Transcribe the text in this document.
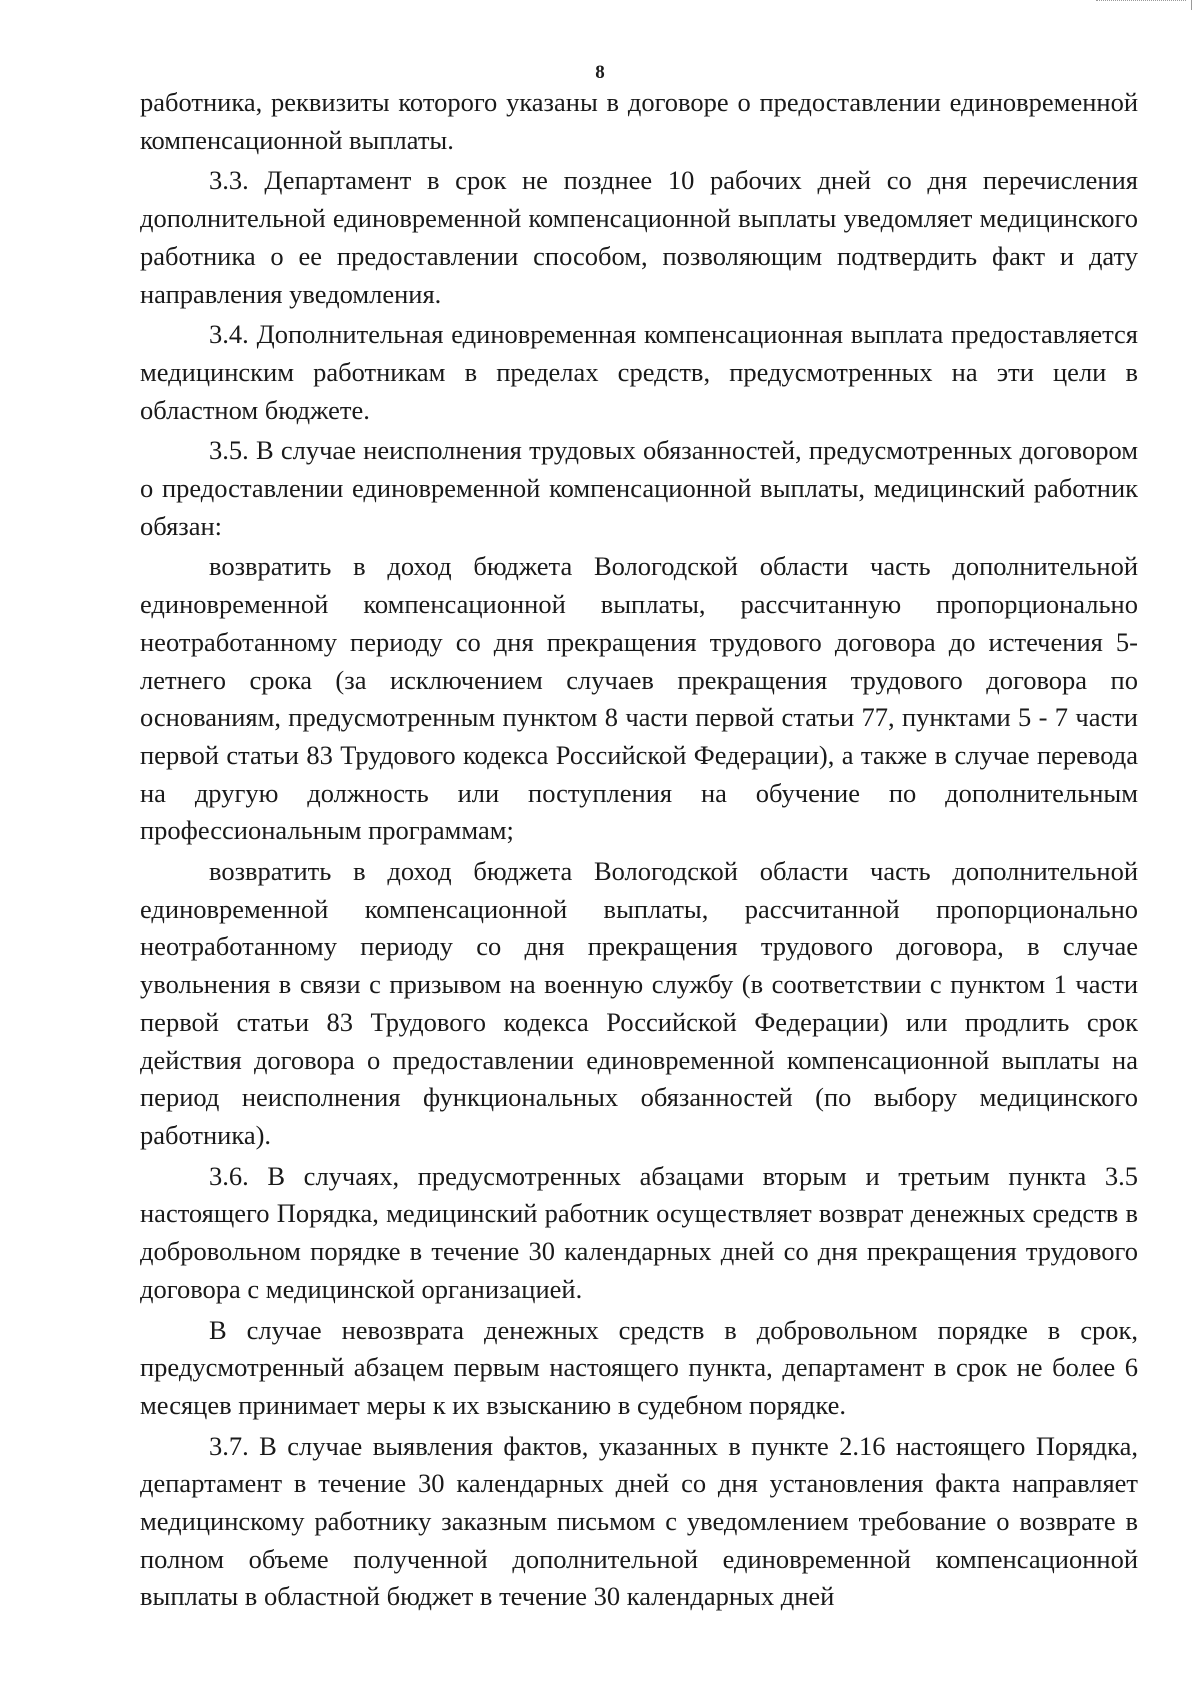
8

работника, реквизиты которого указаны в договоре о предоставлении единовременной компенсационной выплаты.

3.3. Департамент в срок не позднее 10 рабочих дней со дня перечисления дополнительной единовременной компенсационной выплаты уведомляет медицинского работника о ее предоставлении способом, позволяющим подтвердить факт и дату направления уведомления.

3.4. Дополнительная единовременная компенсационная выплата предоставляется медицинским работникам в пределах средств, предусмотренных на эти цели в областном бюджете.

3.5. В случае неисполнения трудовых обязанностей, предусмотренных договором о предоставлении единовременной компенсационной выплаты, медицинский работник обязан:

возвратить в доход бюджета Вологодской области часть дополнительной единовременной компенсационной выплаты, рассчитанную пропорционально неотработанному периоду со дня прекращения трудового договора до истечения 5-летнего срока (за исключением случаев прекращения трудового договора по основаниям, предусмотренным пунктом 8 части первой статьи 77, пунктами 5 - 7 части первой статьи 83 Трудового кодекса Российской Федерации), а также в случае перевода на другую должность или поступления на обучение по дополнительным профессиональным программам;

возвратить в доход бюджета Вологодской области часть дополнительной единовременной компенсационной выплаты, рассчитанной пропорционально неотработанному периоду со дня прекращения трудового договора, в случае увольнения в связи с призывом на военную службу (в соответствии с пунктом 1 части первой статьи 83 Трудового кодекса Российской Федерации) или продлить срок действия договора о предоставлении единовременной компенсационной выплаты на период неисполнения функциональных обязанностей (по выбору медицинского работника).

3.6. В случаях, предусмотренных абзацами вторым и третьим пункта 3.5 настоящего Порядка, медицинский работник осуществляет возврат денежных средств в добровольном порядке в течение 30 календарных дней со дня прекращения трудового договора с медицинской организацией.

В случае невозврата денежных средств в добровольном порядке в срок, предусмотренный абзацем первым настоящего пункта, департамент в срок не более 6 месяцев принимает меры к их взысканию в судебном порядке.

3.7. В случае выявления фактов, указанных в пункте 2.16 настоящего Порядка, департамент в течение 30 календарных дней со дня установления факта направляет медицинскому работнику заказным письмом с уведомлением требование о возврате в полном объеме полученной дополнительной единовременной компенсационной выплаты в областной бюджет в течение 30 календарных дней
